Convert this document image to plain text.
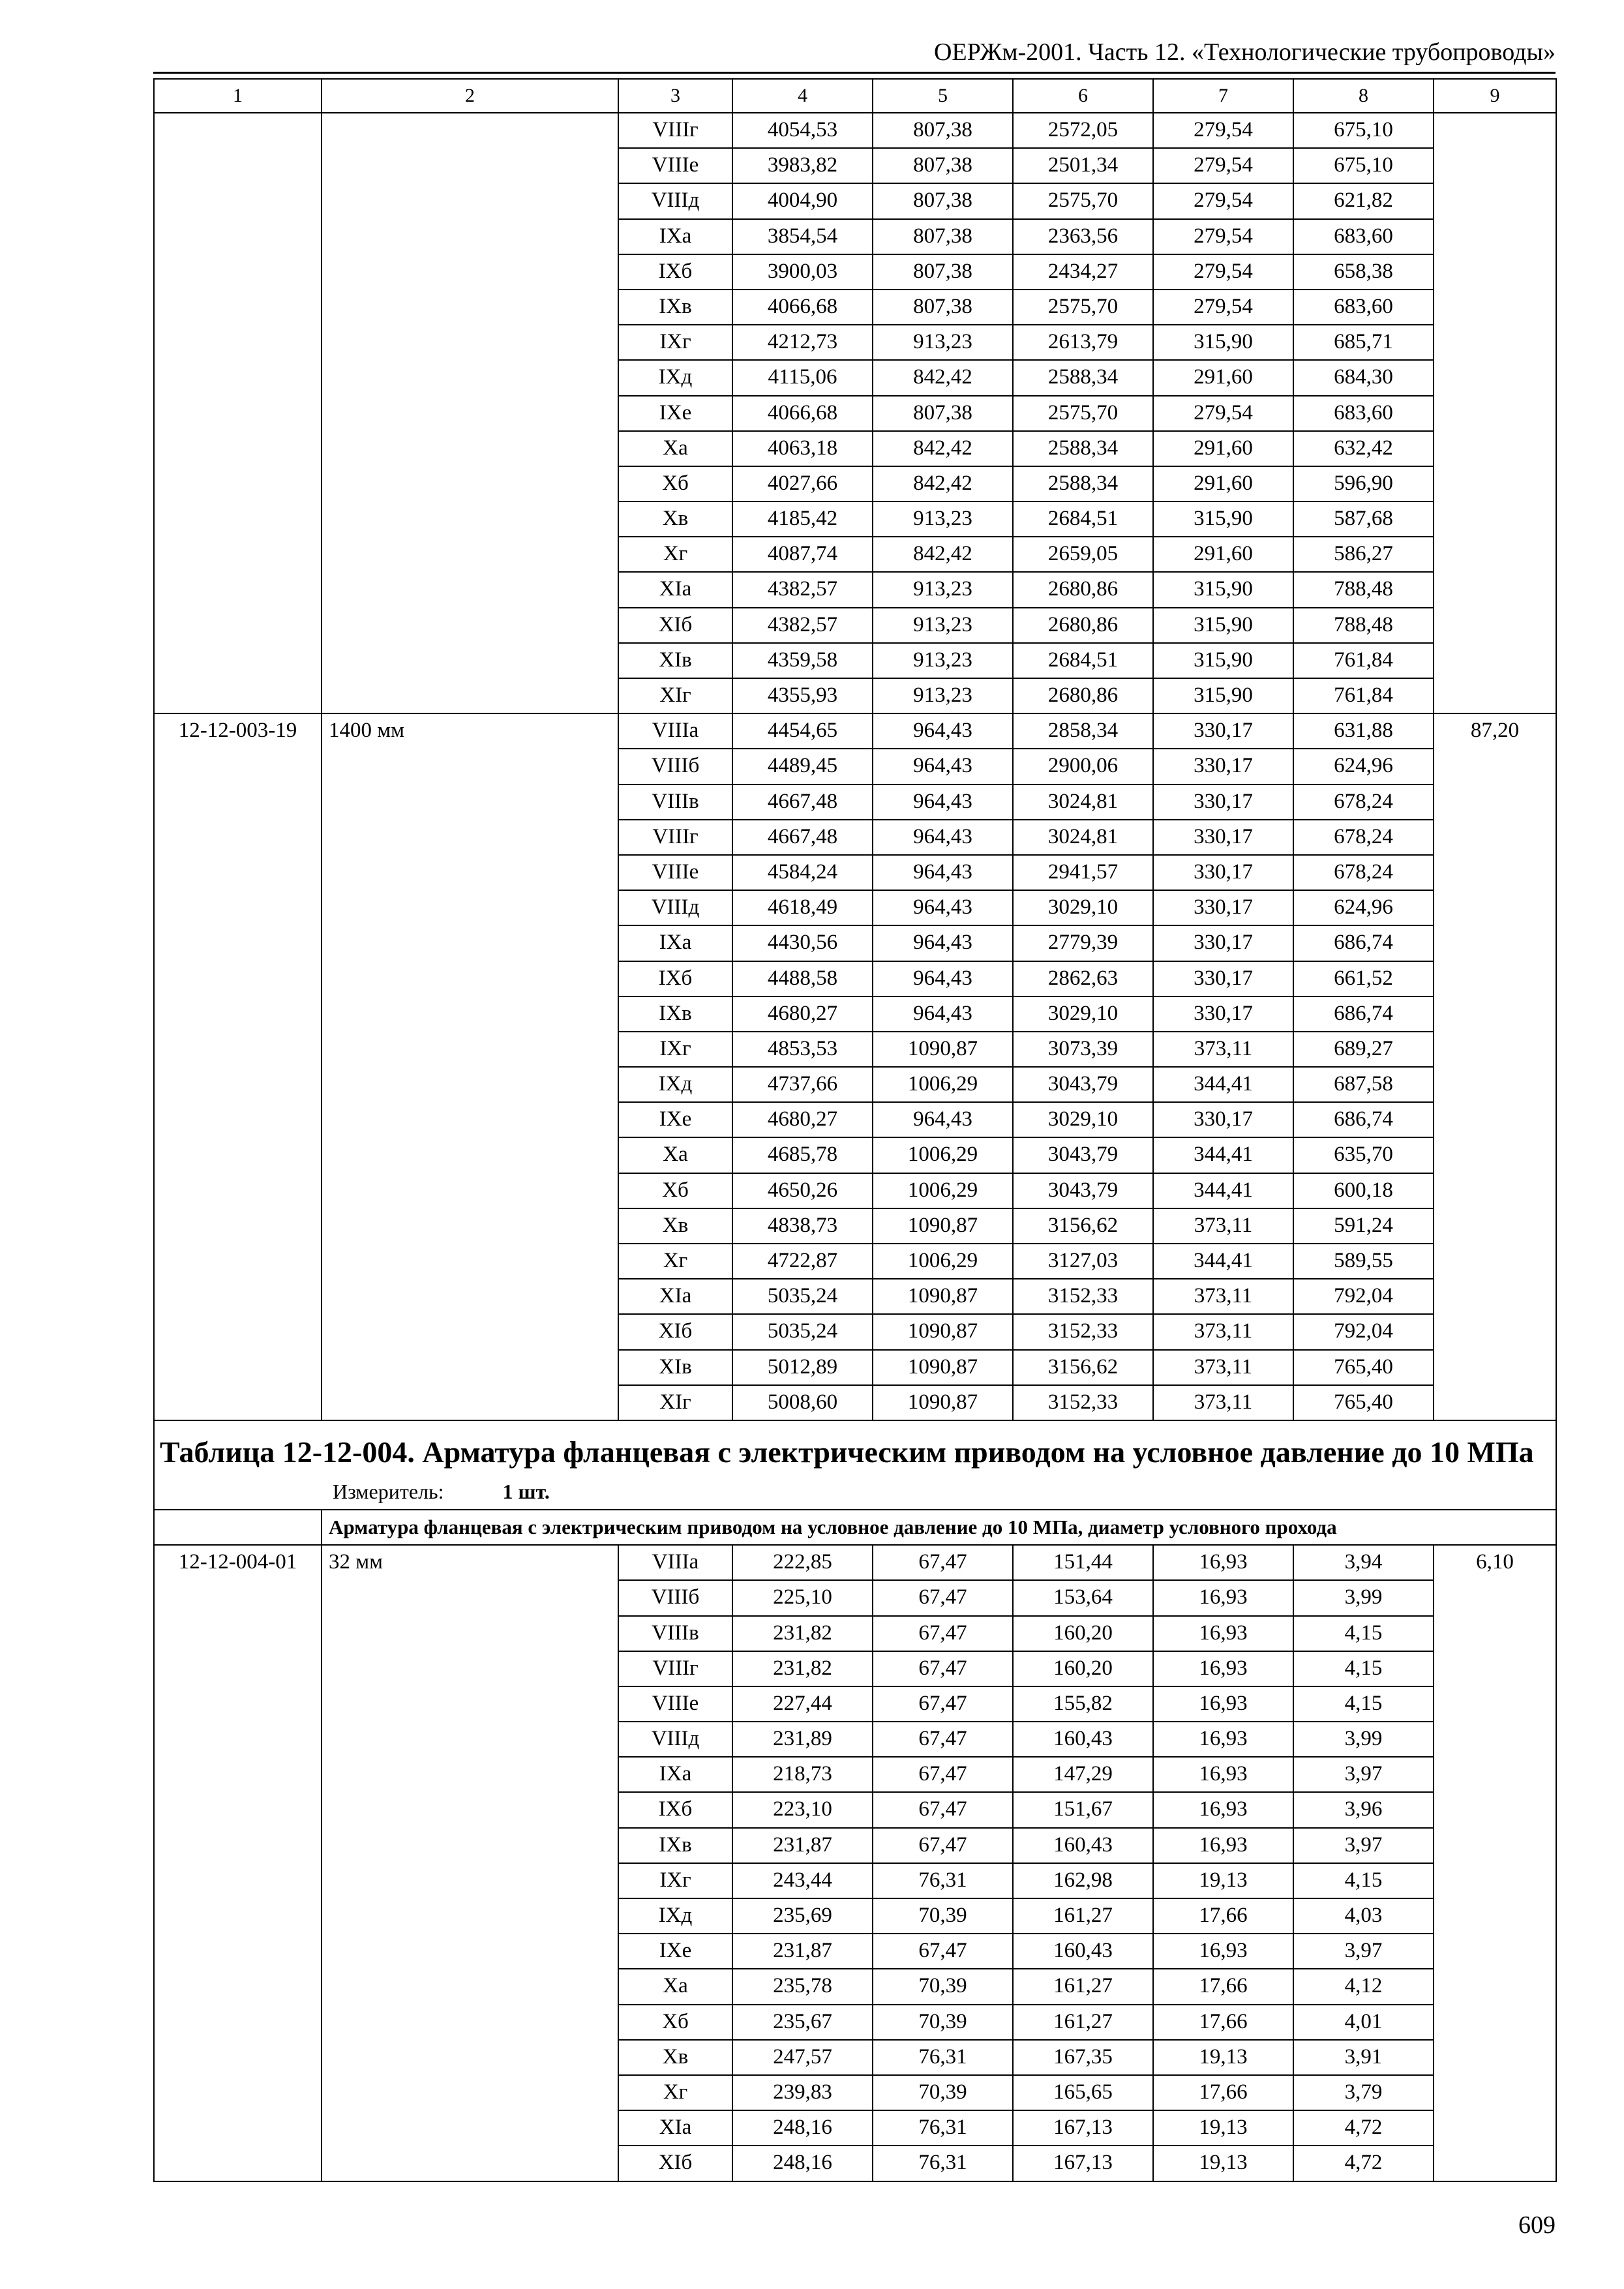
ОЕРЖм-2001. Часть 12. «Технологические трубопроводы»
1	2	3	4	5	6	7	8	9
		VIIIг	4054,53	807,38	2572,05	279,54	675,10	
		VIIIе	3983,82	807,38	2501,34	279,54	675,10	
		VIIIд	4004,90	807,38	2575,70	279,54	621,82	
		IXа	3854,54	807,38	2363,56	279,54	683,60	
		IXб	3900,03	807,38	2434,27	279,54	658,38	
		IXв	4066,68	807,38	2575,70	279,54	683,60	
		IXг	4212,73	913,23	2613,79	315,90	685,71	
		IXд	4115,06	842,42	2588,34	291,60	684,30	
		IXе	4066,68	807,38	2575,70	279,54	683,60	
		Xа	4063,18	842,42	2588,34	291,60	632,42	
		Xб	4027,66	842,42	2588,34	291,60	596,90	
		Xв	4185,42	913,23	2684,51	315,90	587,68	
		Xг	4087,74	842,42	2659,05	291,60	586,27	
		XIа	4382,57	913,23	2680,86	315,90	788,48	
		XIб	4382,57	913,23	2680,86	315,90	788,48	
		XIв	4359,58	913,23	2684,51	315,90	761,84	
		XIг	4355,93	913,23	2680,86	315,90	761,84	
12-12-003-19	1400 мм	VIIIа	4454,65	964,43	2858,34	330,17	631,88	87,20
		VIIIб	4489,45	964,43	2900,06	330,17	624,96	
		VIIIв	4667,48	964,43	3024,81	330,17	678,24	
		VIIIг	4667,48	964,43	3024,81	330,17	678,24	
		VIIIе	4584,24	964,43	2941,57	330,17	678,24	
		VIIIд	4618,49	964,43	3029,10	330,17	624,96	
		IXа	4430,56	964,43	2779,39	330,17	686,74	
		IXб	4488,58	964,43	2862,63	330,17	661,52	
		IXв	4680,27	964,43	3029,10	330,17	686,74	
		IXг	4853,53	1090,87	3073,39	373,11	689,27	
		IXд	4737,66	1006,29	3043,79	344,41	687,58	
		IXе	4680,27	964,43	3029,10	330,17	686,74	
		Xа	4685,78	1006,29	3043,79	344,41	635,70	
		Xб	4650,26	1006,29	3043,79	344,41	600,18	
		Xв	4838,73	1090,87	3156,62	373,11	591,24	
		Xг	4722,87	1006,29	3127,03	344,41	589,55	
		XIа	5035,24	1090,87	3152,33	373,11	792,04	
		XIб	5035,24	1090,87	3152,33	373,11	792,04	
		XIв	5012,89	1090,87	3156,62	373,11	765,40	
		XIг	5008,60	1090,87	3152,33	373,11	765,40	

Таблица 12-12-004. Арматура фланцевая с электрическим приводом на условное давление до 10 МПа
Измеритель: 1 шт.								

	Арматура фланцевая с электрическим приводом на условное давление до 10 МПа, диаметр условного прохода							
12-12-004-01	32 мм	VIIIа	222,85	67,47	151,44	16,93	3,94	6,10
		VIIIб	225,10	67,47	153,64	16,93	3,99	
		VIIIв	231,82	67,47	160,20	16,93	4,15	
		VIIIг	231,82	67,47	160,20	16,93	4,15	
		VIIIе	227,44	67,47	155,82	16,93	4,15	
		VIIIд	231,89	67,47	160,43	16,93	3,99	
		IXа	218,73	67,47	147,29	16,93	3,97	
		IXб	223,10	67,47	151,67	16,93	3,96	
		IXв	231,87	67,47	160,43	16,93	3,97	
		IXг	243,44	76,31	162,98	19,13	4,15	
		IXд	235,69	70,39	161,27	17,66	4,03	
		IXе	231,87	67,47	160,43	16,93	3,97	
		Xа	235,78	70,39	161,27	17,66	4,12	
		Xб	235,67	70,39	161,27	17,66	4,01	
		Xв	247,57	76,31	167,35	19,13	3,91	
		Xг	239,83	70,39	165,65	17,66	3,79	
		XIа	248,16	76,31	167,13	19,13	4,72	
		XIб	248,16	76,31	167,13	19,13	4,72	
609
